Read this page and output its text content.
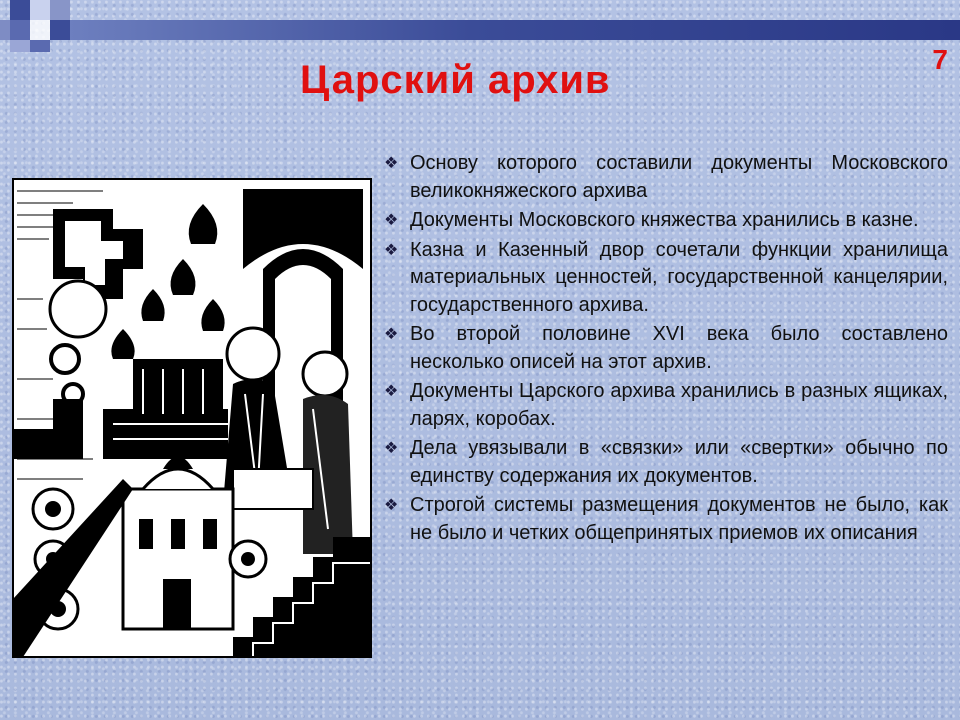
7
Царский архив
❖ Основу которого составили документы Московского великокняжеского архива
❖ Документы Московского княжества хранились в казне.
❖ Казна и Казенный двор сочетали функции хранилища материальных ценностей, государственной канцелярии, государственного архива.
❖ Во второй половине XVI века было составлено несколько описей на этот архив.
❖ Документы Царского архива хранились в разных ящиках, ларях, коробах.
❖ Дела увязывали в «связки» или «свертки» обычно по единству содержания их документов.
❖ Строгой системы размещения документов не было, как не было и четких общепринятых приемов их описания
